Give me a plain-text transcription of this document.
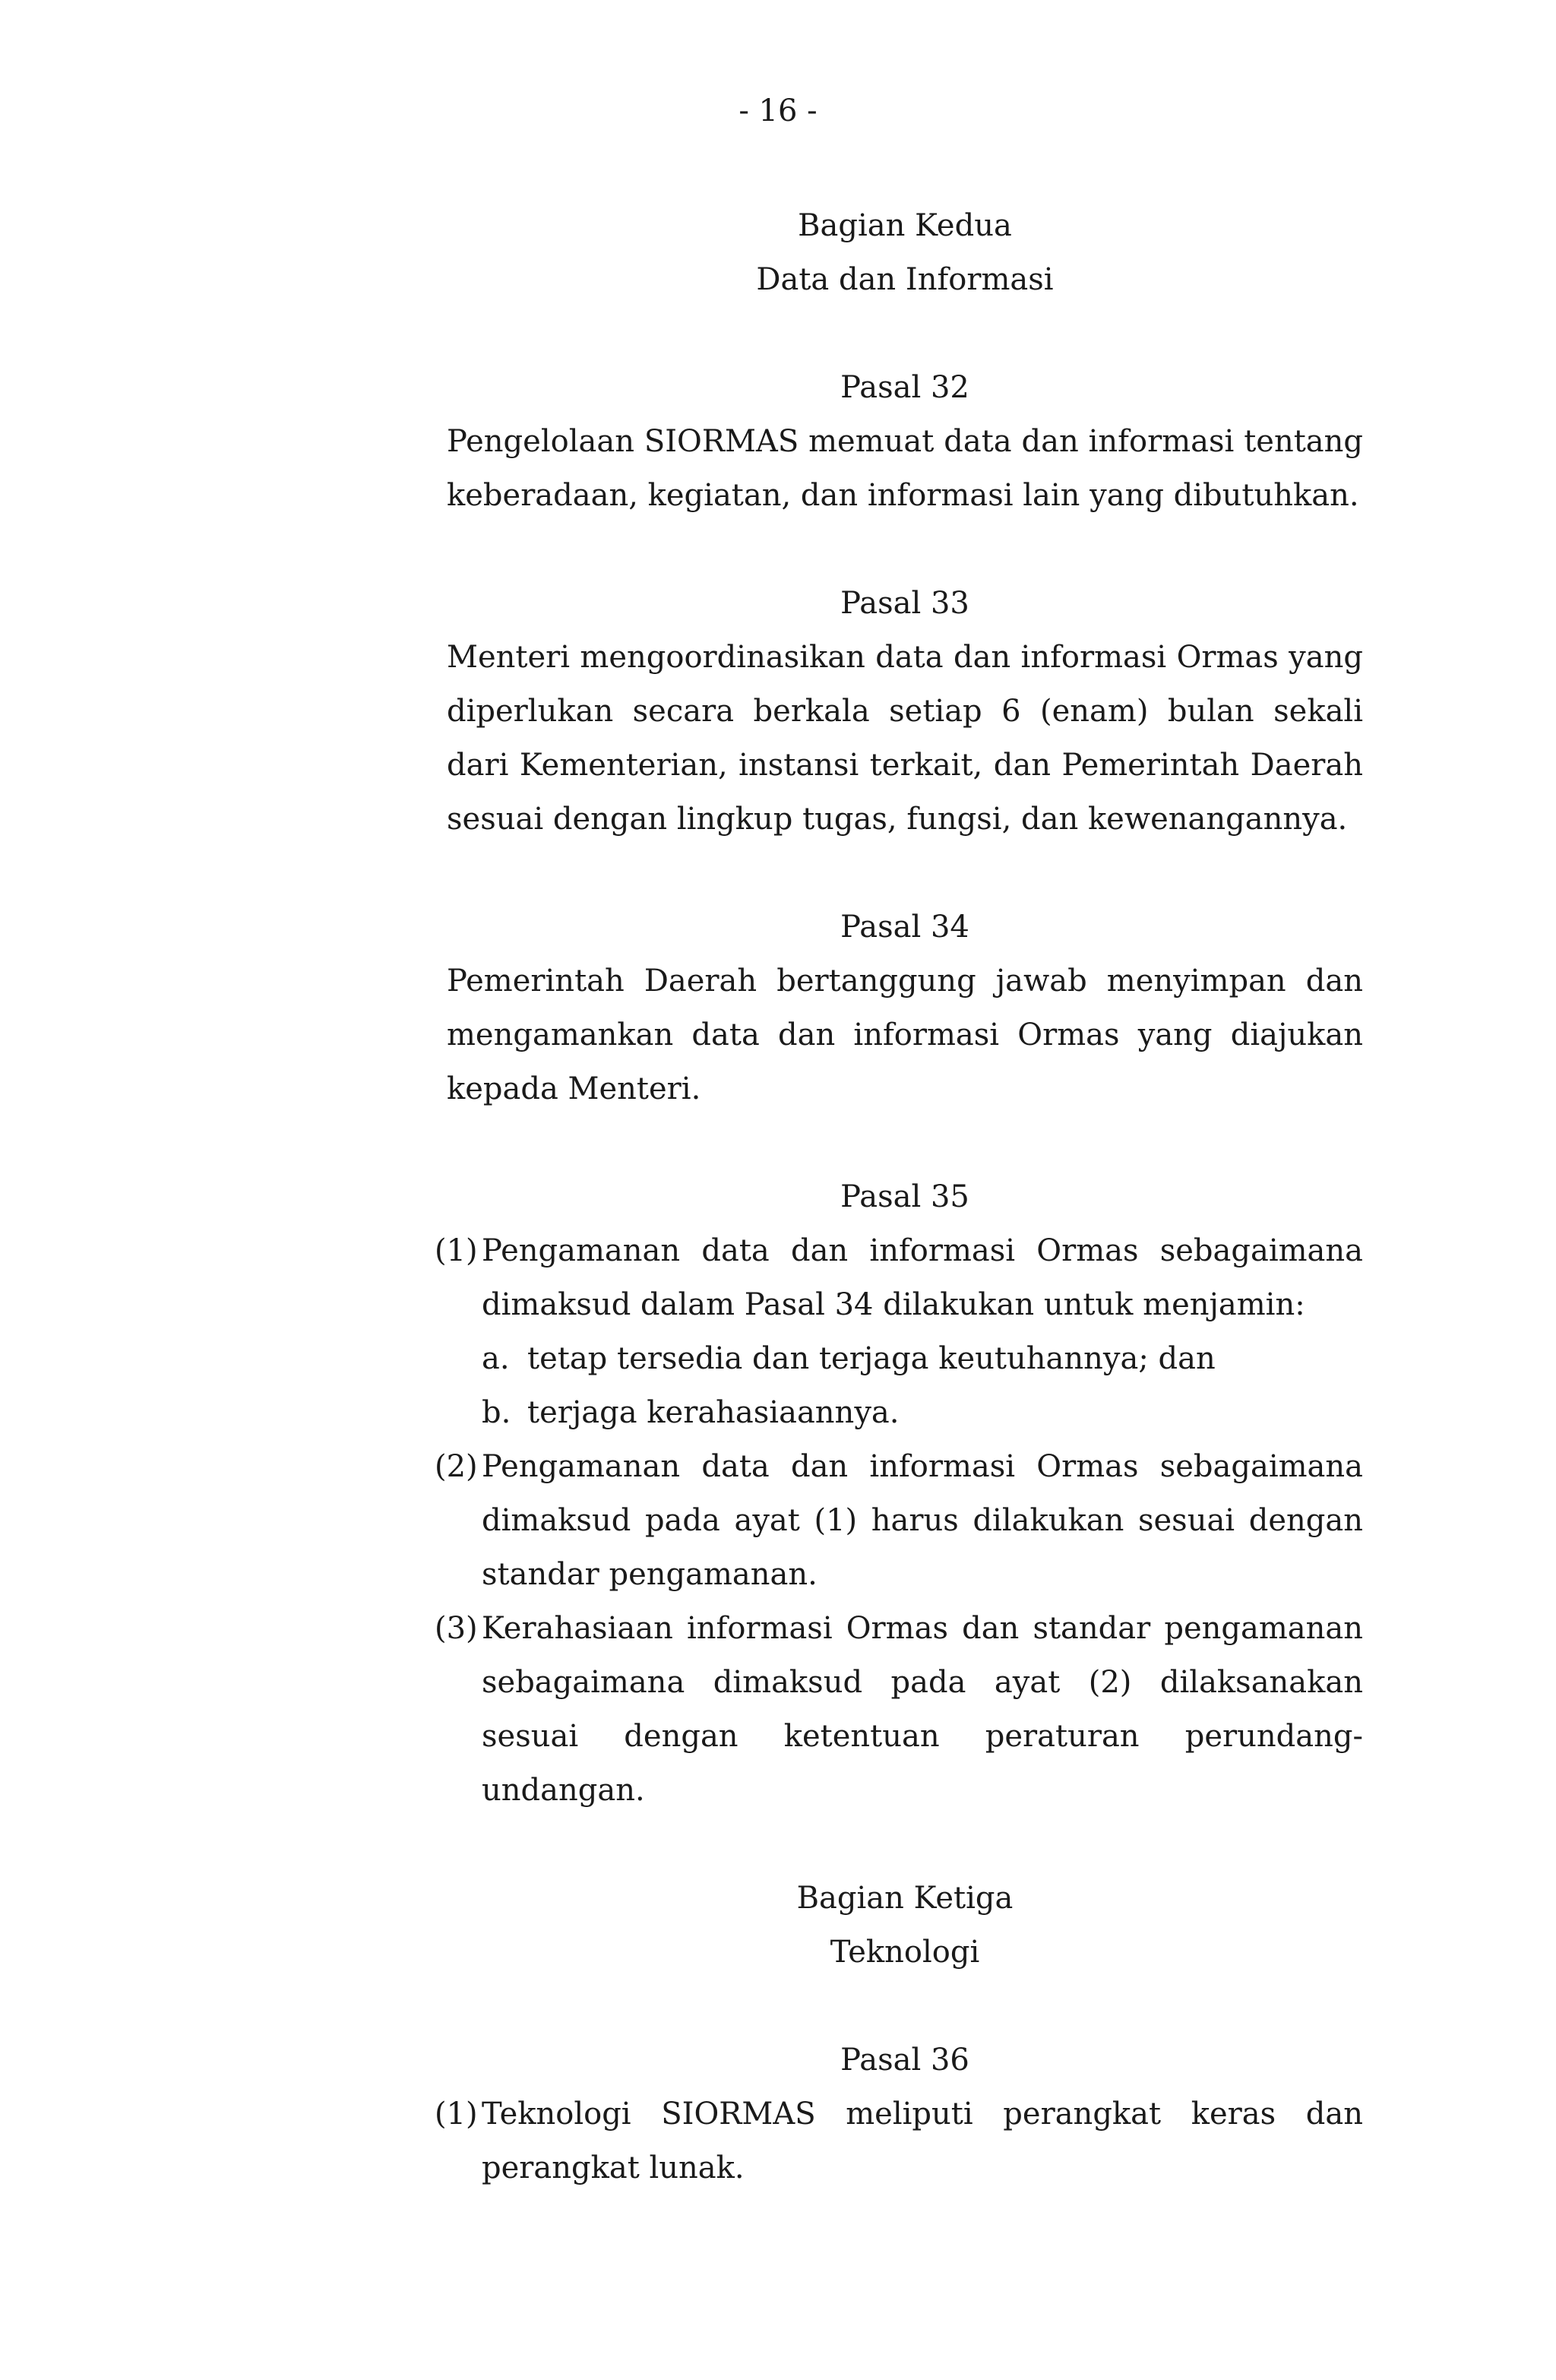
- 16 -
Bagian Kedua
Data dan Informasi
Pasal 32
Pengelolaan SIORMAS memuat data dan informasi tentang keberadaan, kegiatan, dan informasi lain yang dibutuhkan.
Pasal 33
Menteri mengoordinasikan data dan informasi Ormas yang diperlukan secara berkala setiap 6 (enam) bulan sekali dari Kementerian, instansi terkait, dan Pemerintah Daerah sesuai dengan lingkup tugas, fungsi, dan kewenangannya.
Pasal 34
Pemerintah Daerah bertanggung jawab menyimpan dan mengamankan data dan informasi Ormas yang diajukan kepada Menteri.
Pasal 35
(1) Pengamanan data dan informasi Ormas sebagaimana dimaksud dalam Pasal 34 dilakukan untuk menjamin:
a. tetap tersedia dan terjaga keutuhannya; dan
b. terjaga kerahasiaannya.
(2) Pengamanan data dan informasi Ormas sebagaimana dimaksud pada ayat (1) harus dilakukan sesuai dengan standar pengamanan.
(3) Kerahasiaan informasi Ormas dan standar pengamanan sebagaimana dimaksud pada ayat (2) dilaksanakan sesuai dengan ketentuan peraturan perundang-undangan.
Bagian Ketiga
Teknologi
Pasal 36
(1) Teknologi SIORMAS meliputi perangkat keras dan perangkat lunak.
